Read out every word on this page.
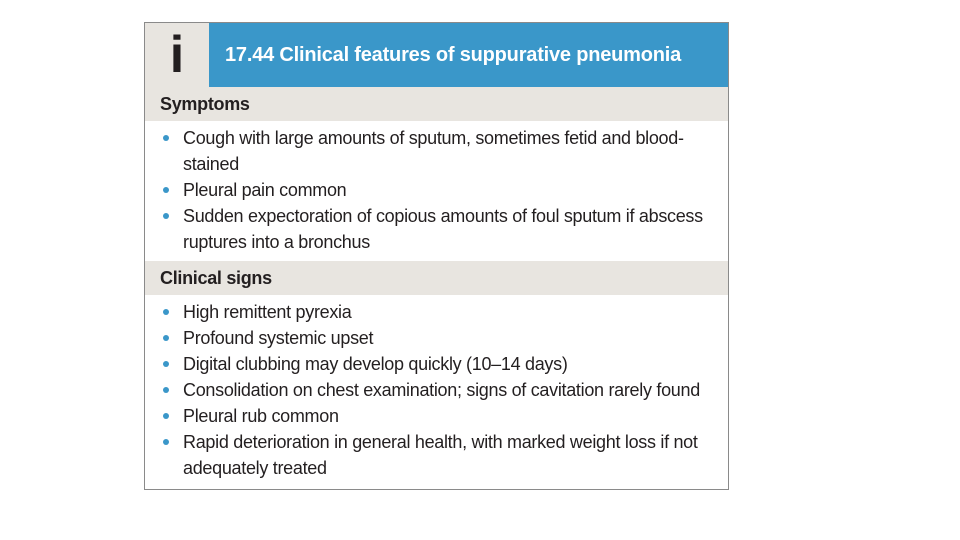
i	17.44 Clinical features of suppurative pneumonia
Symptoms
Cough with large amounts of sputum, sometimes fetid and blood-stained
Pleural pain common
Sudden expectoration of copious amounts of foul sputum if abscess ruptures into a bronchus
Clinical signs
High remittent pyrexia
Profound systemic upset
Digital clubbing may develop quickly (10–14 days)
Consolidation on chest examination; signs of cavitation rarely found
Pleural rub common
Rapid deterioration in general health, with marked weight loss if not adequately treated
